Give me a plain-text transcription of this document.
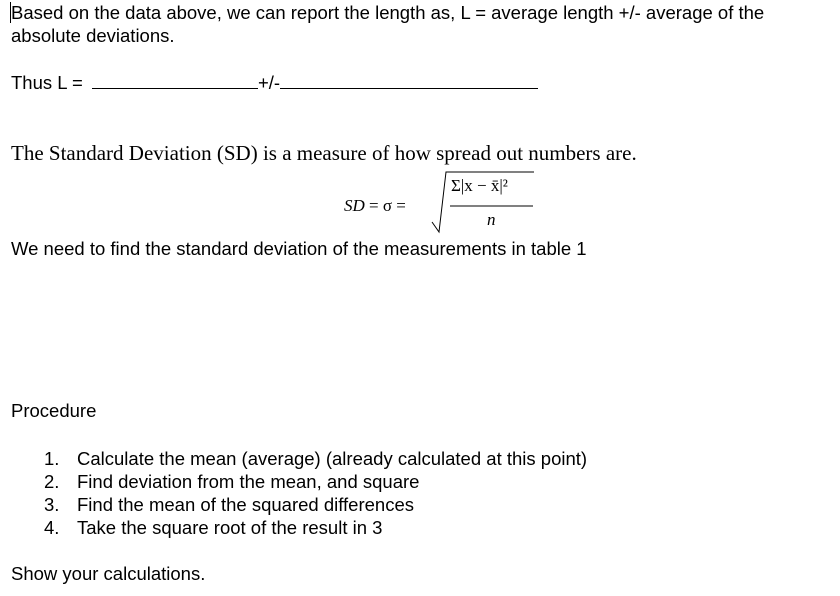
Based on the data above, we can report the length as, L = average length +/- average of the
absolute deviations.
Thus L =	+/-
The Standard Deviation (SD) is a measure of how spread out numbers are.
SD = σ =
Σ|x − x̄|²
n
We need to find the standard deviation of the measurements in table 1
Procedure
1. Calculate the mean (average) (already calculated at this point)
2. Find deviation from the mean, and square
3. Find the mean of the squared differences
4. Take the square root of the result in 3
Show your calculations.
